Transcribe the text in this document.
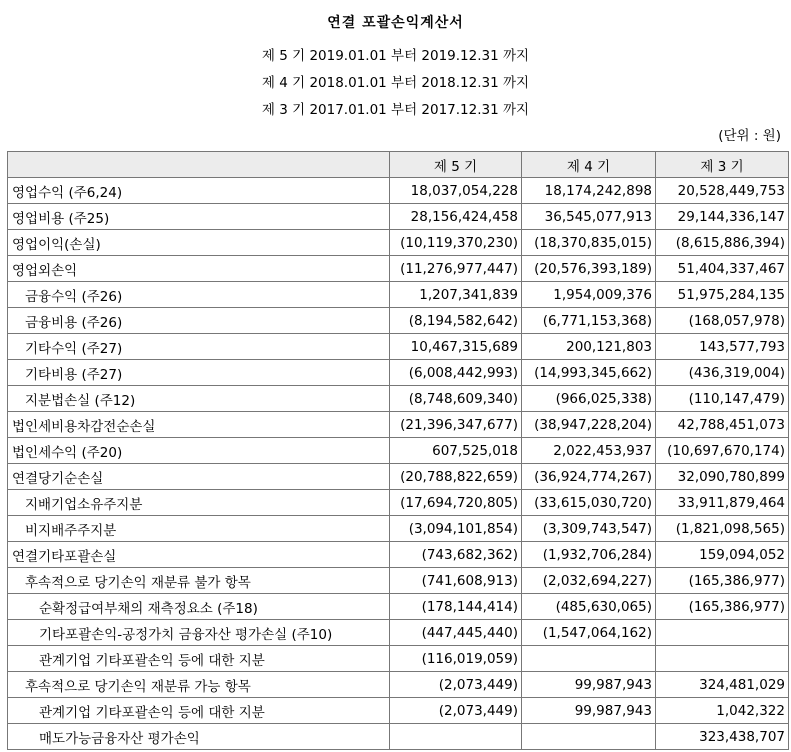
연결 포괄손익계산서
제 5 기 2019.01.01 부터 2019.12.31 까지
제 4 기 2018.01.01 부터 2018.12.31 까지
제 3 기 2017.01.01 부터 2017.12.31 까지
(단위 : 원)
	제 5 기	제 4 기	제 3 기
영업수익 (주6,24)	18,037,054,228	18,174,242,898	20,528,449,753
영업비용 (주25)	28,156,424,458	36,545,077,913	29,144,336,147
영업이익(손실)	(10,119,370,230)	(18,370,835,015)	(8,615,886,394)
영업외손익	(11,276,977,447)	(20,576,393,189)	51,404,337,467
금융수익 (주26)	1,207,341,839	1,954,009,376	51,975,284,135
금융비용 (주26)	(8,194,582,642)	(6,771,153,368)	(168,057,978)
기타수익 (주27)	10,467,315,689	200,121,803	143,577,793
기타비용 (주27)	(6,008,442,993)	(14,993,345,662)	(436,319,004)
지분법손실 (주12)	(8,748,609,340)	(966,025,338)	(110,147,479)
법인세비용차감전순손실	(21,396,347,677)	(38,947,228,204)	42,788,451,073
법인세수익 (주20)	607,525,018	2,022,453,937	(10,697,670,174)
연결당기순손실	(20,788,822,659)	(36,924,774,267)	32,090,780,899
지배기업소유주지분	(17,694,720,805)	(33,615,030,720)	33,911,879,464
비지배주주지분	(3,094,101,854)	(3,309,743,547)	(1,821,098,565)
연결기타포괄손실	(743,682,362)	(1,932,706,284)	159,094,052
후속적으로 당기손익 재분류 불가 항목	(741,608,913)	(2,032,694,227)	(165,386,977)
순확정급여부채의 재측정요소 (주18)	(178,144,414)	(485,630,065)	(165,386,977)
기타포괄손익-공정가치 금융자산 평가손실 (주10)	(447,445,440)	(1,547,064,162)	
관계기업 기타포괄손익 등에 대한 지분	(116,019,059)		
후속적으로 당기손익 재분류 가능 항목	(2,073,449)	99,987,943	324,481,029
관계기업 기타포괄손익 등에 대한 지분	(2,073,449)	99,987,943	1,042,322
매도가능금융자산 평가손익			323,438,707
